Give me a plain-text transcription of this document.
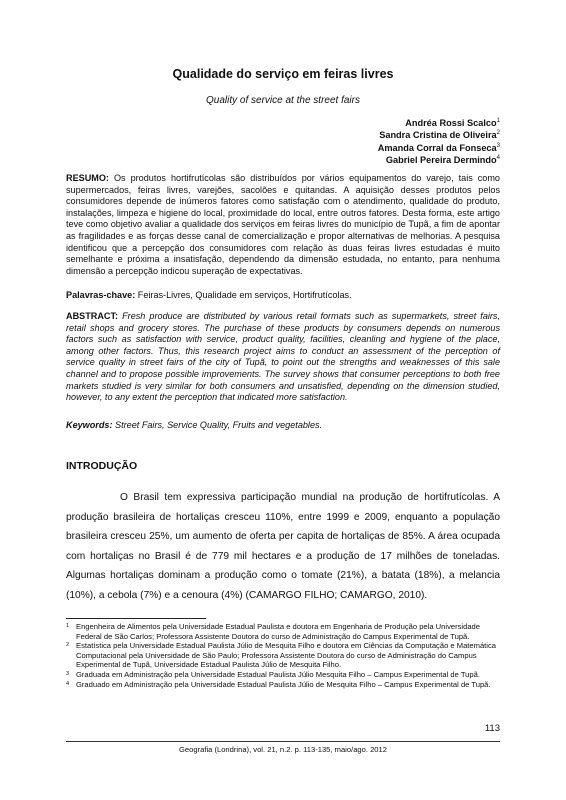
Qualidade do serviço em feiras livres
Quality of service at the street fairs
Andréa Rossi Scalco$^1$
Sandra Cristina de Oliveira$^2$
Amanda Corral da Fonseca$^3$
Gabriel Pereira Dermindo$^4$
RESUMO: Os produtos hortifrutícolas são distribuídos por vários equipamentos do varejo, tais como supermercados, feiras livres, varejões, sacolões e quitandas. A aquisição desses produtos pelos consumidores depende de inúmeros fatores como satisfação com o atendimento, qualidade do produto, instalações, limpeza e higiene do local, proximidade do local, entre outros fatores. Desta forma, este artigo teve como objetivo avaliar a qualidade dos serviços em feiras livres do município de Tupã, a fim de apontar as fragilidades e as forças desse canal de comercialização e propor alternativas de melhorias. A pesquisa identificou que a percepção dos consumidores com relação às duas feiras livres estudadas é muito semelhante e próxima a insatisfação, dependendo da dimensão estudada, no entanto, para nenhuma dimensão a percepção indicou superação de expectativas.
Palavras-chave: Feiras-Livres, Qualidade em serviços, Hortifrutícolas.
ABSTRACT: Fresh produce are distributed by various retail formats such as supermarkets, street fairs, retail shops and grocery stores. The purchase of these products by consumers depends on numerous factors such as satisfaction with service, product quality, facilities, cleanling and hygiene of the place, among other factors. Thus, this research project aims to conduct an assessment of the perception of service quality in street fairs of the city of Tupã, to point out the strengths and weaknesses of this sale channel and to propose possible improvements. The survey shows that consumer perceptions to both free markets studied is very similar for both consumers and unsatisfied, depending on the dimension studied, however, to any extent the perception that indicated more satisfaction.
Keywords: Street Fairs, Service Quality, Fruits and vegetables.
INTRODUÇÃO
O Brasil tem expressiva participação mundial na produção de hortifrutícolas. A produção brasileira de hortaliças cresceu 110%, entre 1999 e 2009, enquanto a população brasileira cresceu 25%, um aumento de oferta per capita de hortaliças de 85%. A área ocupada com hortaliças no Brasil é de 779 mil hectares e a produção de 17 milhões de toneladas. Algumas hortaliças dominam a produção como o tomate (21%), a batata (18%), a melancia (10%), a cebola (7%) e a cenoura (4%) (CAMARGO FILHO; CAMARGO, 2010).
1 Engenheira de Alimentos pela Universidade Estadual Paulista e doutora em Engenharia de Produção pela Universidade Federal de São Carlos; Professora Assistente Doutora do curso de Administração do Campus Experimental de Tupã.
2 Estatística pela Universidade Estadual Paulista Júlio de Mesquita Filho e doutora em Ciências da Computação e Matemática Computacional pela Universidade de São Paulo; Professora Assistente Doutora do curso de Administração do Campus Experimental de Tupã, Universidade Estadual Paulista Júlio de Mesquita Filho.
3 Graduada em Administração pela Universidade Estadual Paulista Júlio Mesquita Filho – Campus Experimental de Tupã.
4 Graduado em Administração pela Universidade Estadual Paulista Júlio de Mesquita Filho – Campus Experimental de Tupã.
113
Geografia (Londrina), vol. 21, n.2. p. 113-135, maio/ago. 2012
